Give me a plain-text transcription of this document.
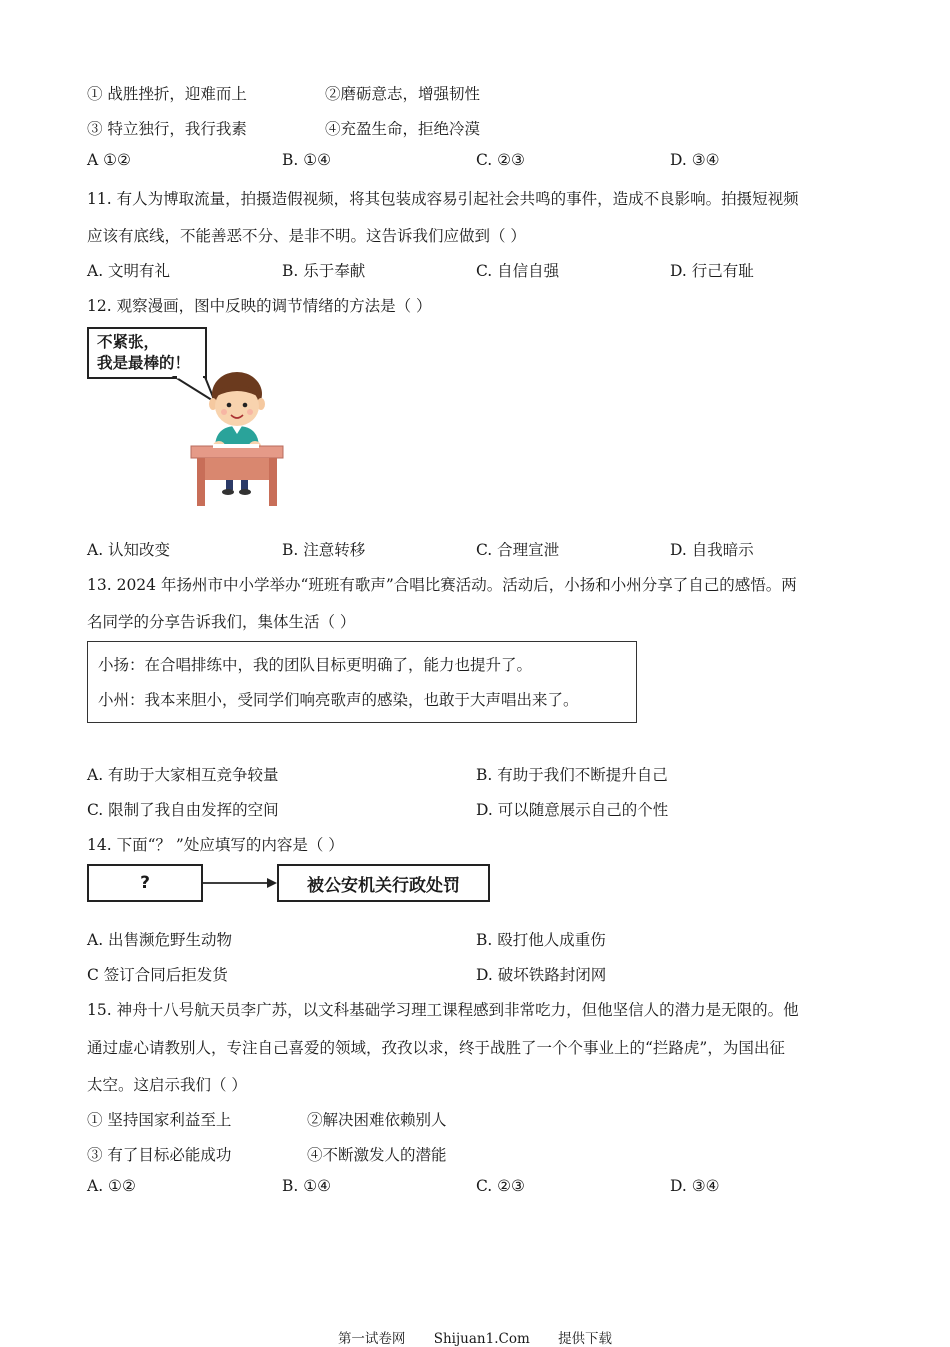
① 战胜挫折，迎难而上	②磨砺意志，增强韧性
③ 特立独行，我行我素	④充盈生命，拒绝冷漠
A ①②	B. ①④	C. ②③	D. ③④
11. 有人为博取流量，拍摄造假视频，将其包装成容易引起社会共鸣的事件，造成不良影响。拍摄短视频
应该有底线，不能善恶不分、是非不明。这告诉我们应做到（ ）
A. 文明有礼	B. 乐于奉献	C. 自信自强	D. 行己有耻
12. 观察漫画，图中反映的调节情绪的方法是（ ）
不紧张，
我是最棒的！
A. 认知改变	B. 注意转移	C. 合理宣泄	D. 自我暗示
13. 2024 年扬州市中小学举办“班班有歌声”合唱比赛活动。活动后，小扬和小州分享了自己的感悟。两
名同学的分享告诉我们，集体生活（ ）
小扬：在合唱排练中，我的团队目标更明确了，能力也提升了。
小州：我本来胆小，受同学们响亮歌声的感染，也敢于大声唱出来了。
A. 有助于大家相互竞争较量	B. 有助于我们不断提升自己
C. 限制了我自由发挥的空间	D. 可以随意展示自己的个性
14. 下面“？ ”处应填写的内容是（ ）
?	被公安机关行政处罚
A. 出售濒危野生动物	B. 殴打他人成重伤
C 签订合同后拒发货	D. 破坏铁路封闭网
15. 神舟十八号航天员李广苏，以文科基础学习理工课程感到非常吃力，但他坚信人的潜力是无限的。他
通过虚心请教别人，专注自己喜爱的领域，孜孜以求，终于战胜了一个个事业上的“拦路虎”，为国出征
太空。这启示我们（ ）
① 坚持国家利益至上	②解决困难依赖别人
③ 有了目标必能成功	④不断激发人的潜能
A. ①②	B. ①④	C. ②③	D. ③④
第一试卷网 Shijuan1.Com 提供下载
